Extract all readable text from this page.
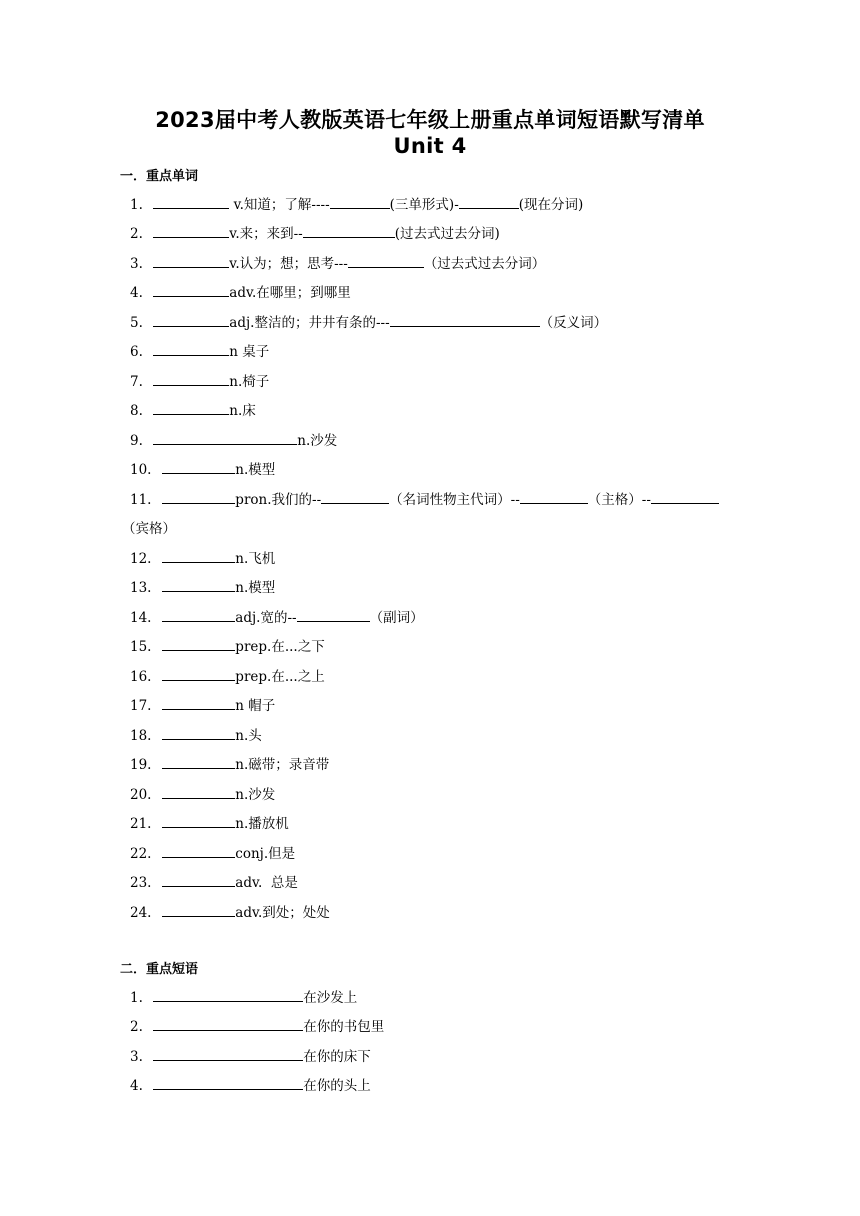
2023届中考人教版英语七年级上册重点单词短语默写清单
Unit 4
一．重点单词
1.	v.知道；了解----	(三单形式)-	(现在分词)
2.	v.来；来到--	(过去式过去分词)
3.	v.认为；想；思考---	（过去式过去分词）
4.	adv.在哪里；到哪里
5.	adj.整洁的；井井有条的---	（反义词）
6.	n 桌子
7.	n.椅子
8.	n.床
9.	n.沙发
10.	n.模型
11.	pron.我们的--	（名词性物主代词）--	（主格）--
（宾格）
12.	n.飞机
13.	n.模型
14.	adj.宽的--	（副词）
15.	prep.在...之下
16.	prep.在...之上
17.	n 帽子
18.	n.头
19.	n.磁带；录音带
20.	n.沙发
21.	n.播放机
22.	conj.但是
23.	adv.  总是
24.	adv.到处；处处
二．重点短语
1.	在沙发上
2.	在你的书包里
3.	在你的床下
4.	在你的头上
